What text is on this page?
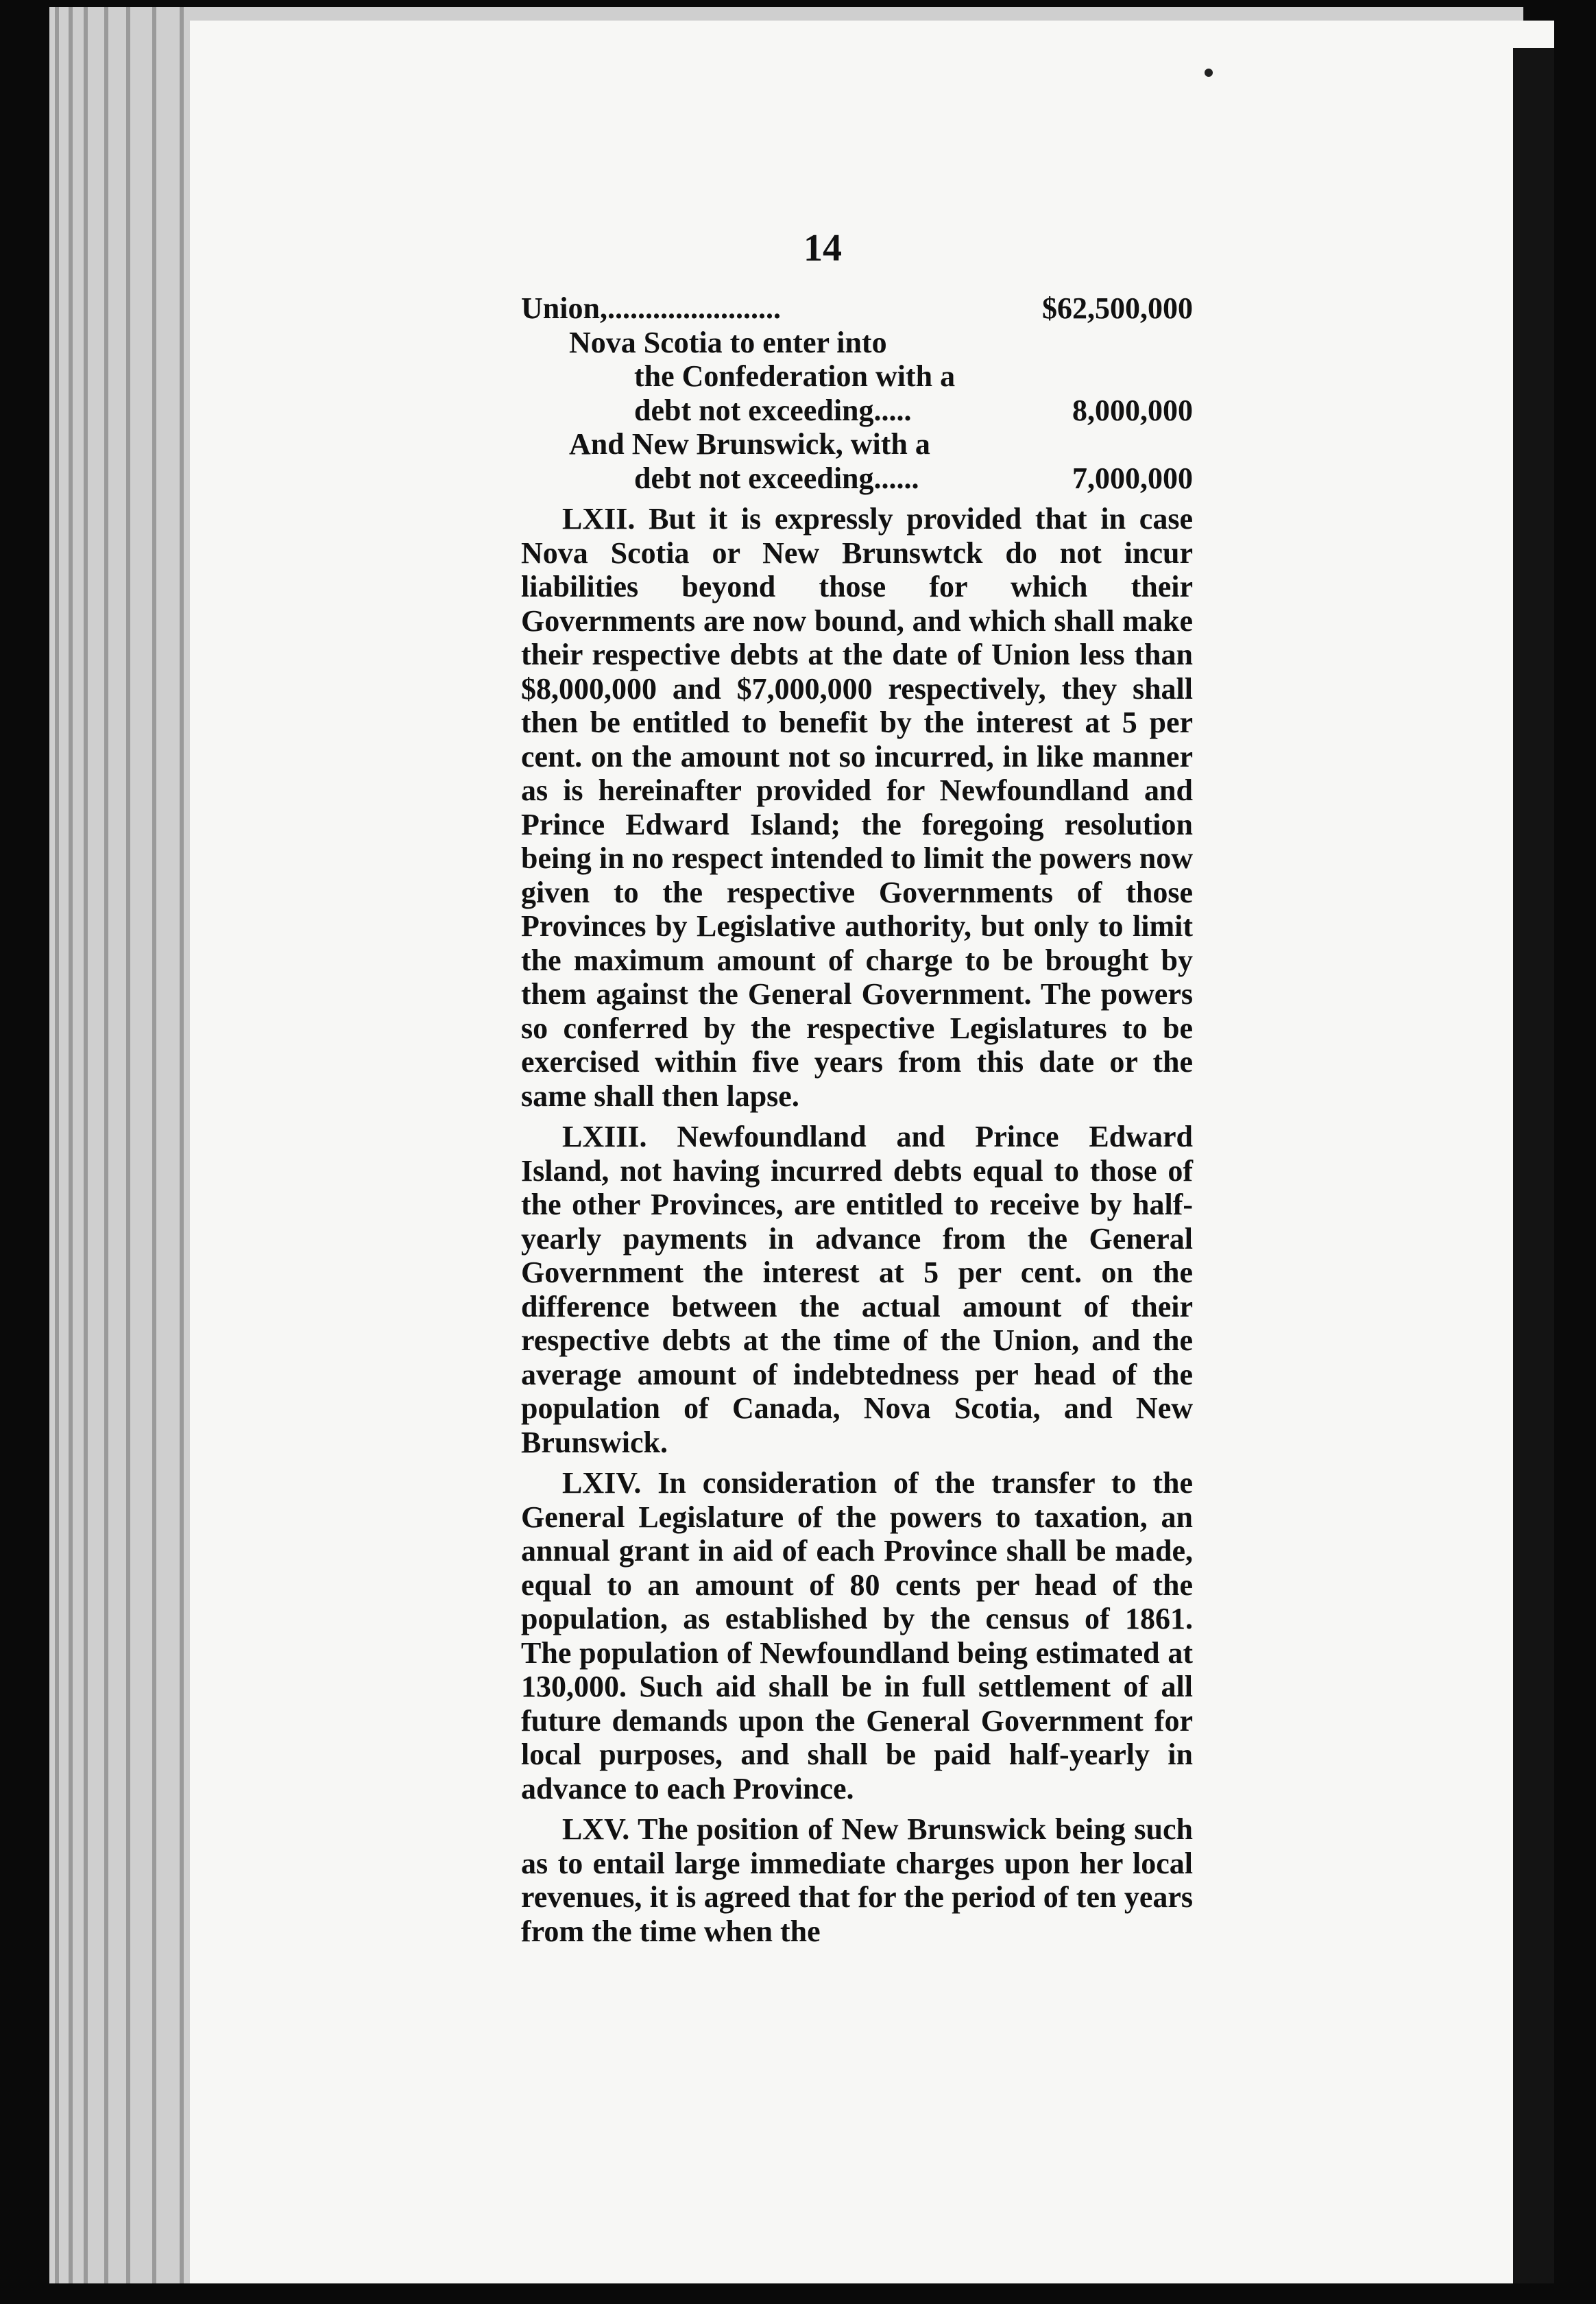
14
Union,.......................	$62,500,000
Nova Scotia to enter into
the Confederation with a
debt not exceeding.....	8,000,000
And New Brunswick, with a
debt not exceeding......	7,000,000

LXII. But it is expressly provided that in case Nova Scotia or New Brunswtck do not incur liabilities beyond those for which their Governments are now bound, and which shall make their respective debts at the date of Union less than $8,000,000 and $7,000,000 respectively, they shall then be entitled to benefit by the interest at 5 per cent. on the amount not so incurred, in like manner as is hereinafter provided for Newfoundland and Prince Edward Island; the foregoing resolution being in no respect intended to limit the powers now given to the respective Governments of those Provinces by Legislative authority, but only to limit the maximum amount of charge to be brought by them against the General Government. The powers so conferred by the respective Legislatures to be exercised within five years from this date or the same shall then lapse.

LXIII. Newfoundland and Prince Edward Island, not having incurred debts equal to those of the other Provinces, are entitled to receive by half-yearly payments in advance from the General Government the interest at 5 per cent. on the difference between the actual amount of their respective debts at the time of the Union, and the average amount of indebtedness per head of the population of Canada, Nova Scotia, and New Brunswick.

LXIV. In consideration of the transfer to the General Legislature of the powers to taxation, an annual grant in aid of each Province shall be made, equal to an amount of 80 cents per head of the population, as established by the census of 1861. The population of Newfoundland being estimated at 130,000. Such aid shall be in full settlement of all future demands upon the General Government for local purposes, and shall be paid half-yearly in advance to each Province.

LXV. The position of New Brunswick being such as to entail large immediate charges upon her local revenues, it is agreed that for the period of ten years from the time when the
